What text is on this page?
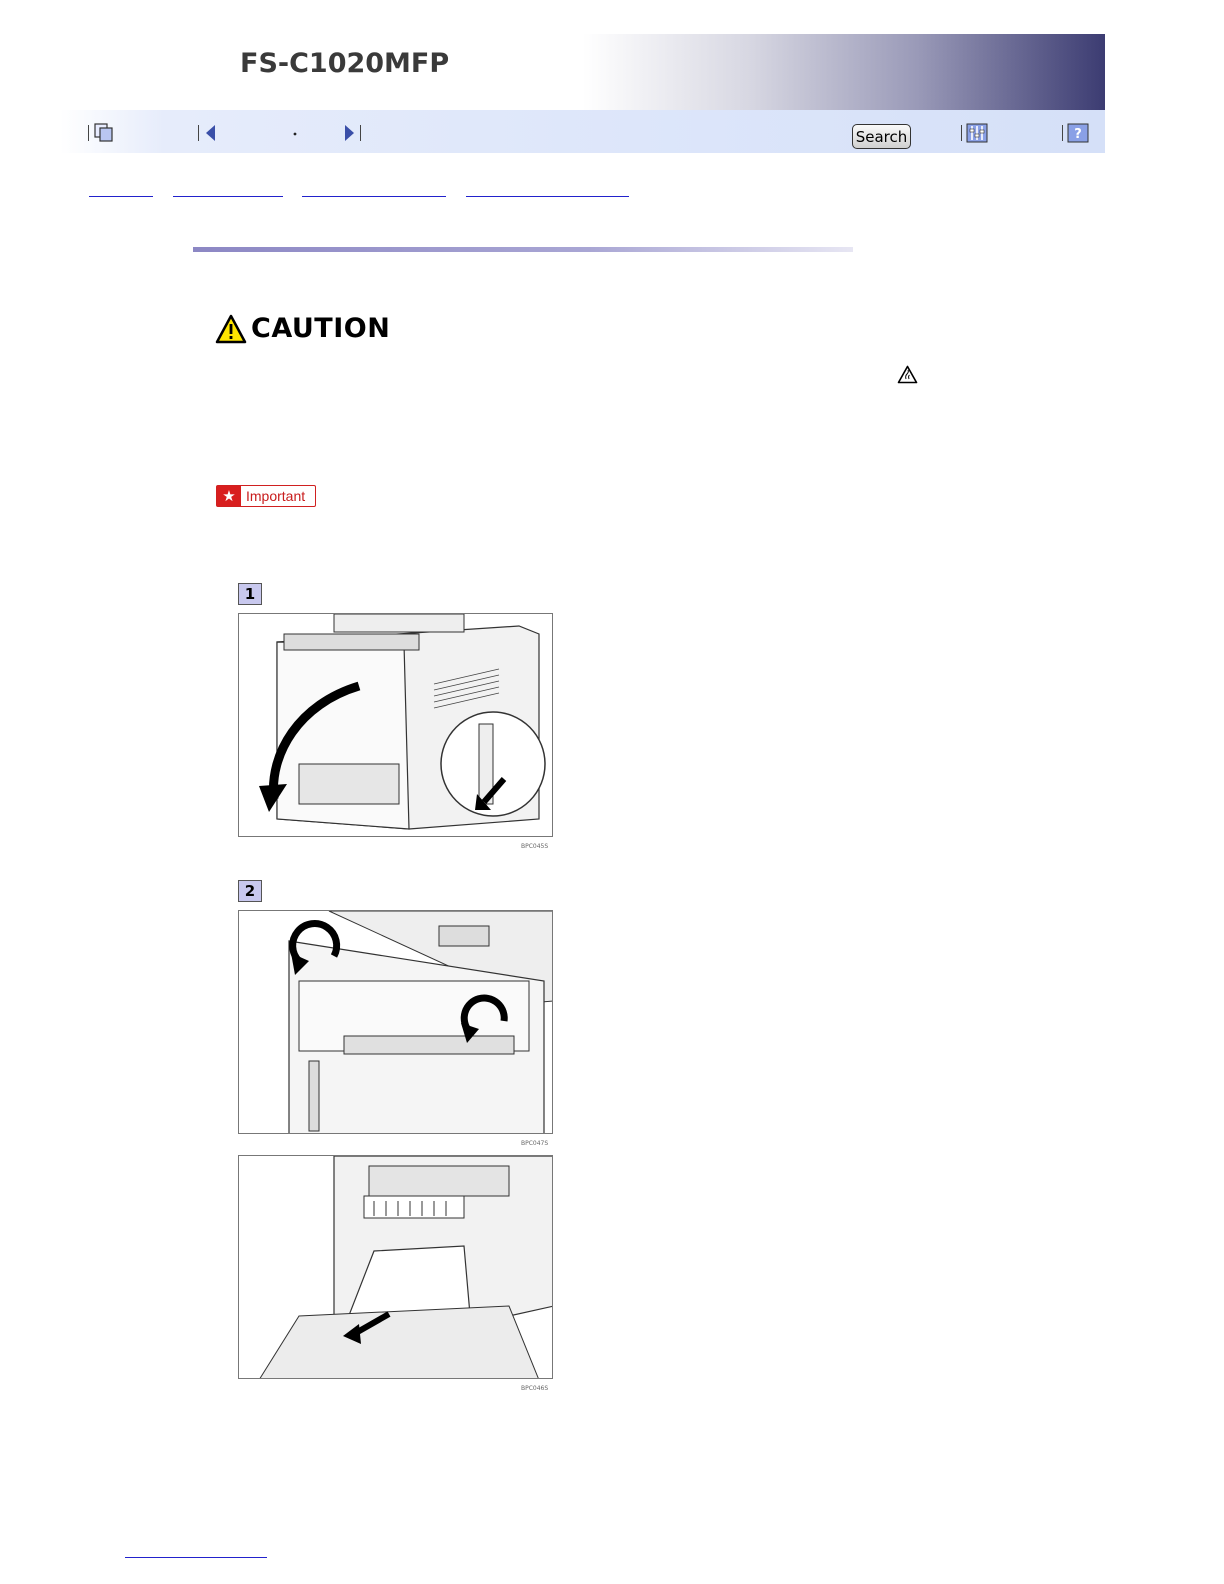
FS-C1020MFP
Search	?
CAUTION
★ Important
1
BPC045S
2
BPC047S
BPC046S
